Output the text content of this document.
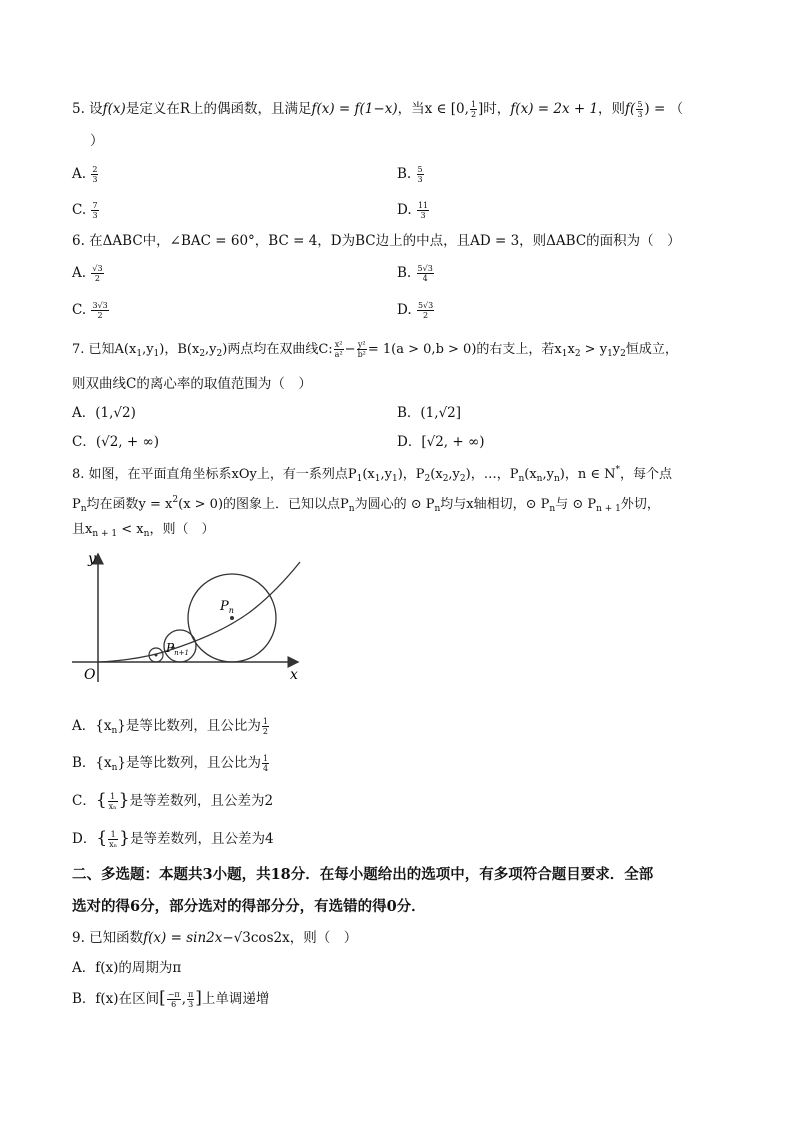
5. 设f(x)是定义在R上的偶函数，且满足f(x) = f(1−x)，当x ∈ [0, $\frac{1}{2}$ ]时，f(x) = 2x + 1，则$f( \frac{5}{3}$ ) = （
）
A. $\frac{2}{3}$	B. $\frac{5}{3}$
C. $\frac{7}{3}$	D. $\frac{11}{3}$
6. 在ΔABC中，∠BAC = 60°，BC = 4，D为BC边上的中点，且AD = 3，则ΔABC的面积为（　）
A. $\frac{√3}{2}$	B. $\frac{5√3}{4}$
C. $\frac{3√3}{2}$	D. $\frac{5√3}{2}$
7. 已知$A(x_1,y_1)$，$B(x_2,y_2)$两点均在双曲线C: $\frac{\text{x²}}{\text{a²}} - \frac{\text{y²}}{\text{b²}} = 1(a > 0,b > 0)$的右支上，若$x_1x_2 > y_1y_2$恒成立，
则双曲线C的离心率的取值范围为（　）
A．(1,√2)	B．(1,√2]
C．(√2, + ∞)	D．[√2, + ∞)
8. 如图，在平面直角坐标系xOy上，有一系列点$P_1(x_1,y_1)$，$P_2(x_2,y_2)$，…，$P_n(x_n,y_n)$，n ∈ N*，每个点
$P_n$均在函数$y = x^2(x > 0)$的图象上．已知以点$P_n$为圆心的 ⊙ $P_n$均与x轴相切，⊙ $P_n$与 ⊙ $P_{n + 1}$外切，
且$x_{n + 1} < x_n$，则（　）
y
x
O
$P_n$
$P_{n+1}$
A．$\{x_n\}$是等比数列，且公比为 $\frac{1}{2}$
B．$\{x_n\}$是等比数列，且公比为 $\frac{1}{4}$
C．{ $\frac{1}{\text{xₙ}}$ }是等差数列，且公差为2
D．{ $\frac{1}{\text{xₙ}}$ }是等差数列，且公差为4
二、多选题：本题共3小题，共18分．在每小题给出的选项中，有多项符合题目要求．全部
选对的得6分，部分选对的得部分分，有选错的得0分．
9. 已知函数f(x) = sin2x−√3cos2x，则（　）
A．f(x)的周期为π
B．f(x)在区间[ $\frac{-\pi}{6}$ , $\frac{\pi}{3}$ ]上单调递增
